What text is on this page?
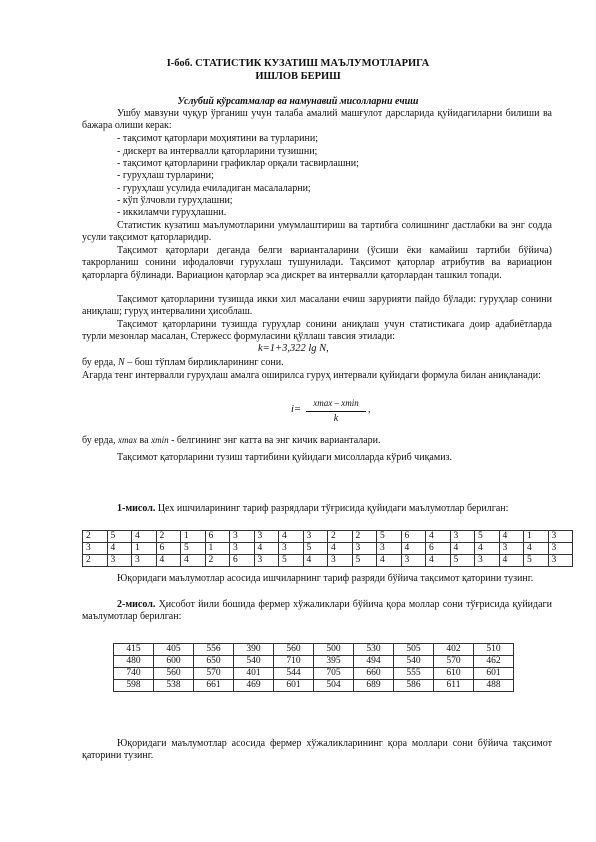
I-боб. СТАТИСТИК КУЗАТИШ МАЪЛУМОТЛАРИГА
ИШЛОВ БЕРИШ
Услубий кўрсатмалар ва намунавий мисолларни ечиш
Ушбу мавзуни чуқур ўрганиш учун талаба амалий машғулот дарсларида қуйидагиларни билиши ва бажара олиши керак:
- тақсимот қаторлари моҳиятини ва турларини;
- дискерт ва интервалли қаторларини тузишни;
- тақсимот қаторларини графиклар орқали тасвирлашни;
- гуруҳлаш турларини;
- гуруҳлаш усулида ечиладиган масалаларни;
- кўп ўлчовли гуруҳлашни;
- иккиламчи гуруҳлашни.
Статистик кузатиш маълумотларини умумлаштириш ва тартибга солишнинг дастлабки ва энг содда усули тақсимот қаторларидир.
Тақсимот қаторлари деганда белги варианталарини (ўсиши ёки камайиш тартиби бўйича) такрорланиш сонини ифодаловчи гурухлаш тушунилади. Тақсимот қаторлар атрибутив ва вариацион қаторларга бўлинади. Вариацион қаторлар эса дискрет ва интервалли қаторлардан ташкил топади.
Тақсимот қаторларини тузишда икки хил масалани ечиш зарурияти пайдо бўлади: гуруҳлар сонини аниқлаш; гуруҳ интервалини ҳисоблаш.
Тақсимот қаторларини тузишда гуруҳлар сонини аниқлаш учун статистикага доир адабиётларда турли мезонлар масалан, Стержесс формуласини қўллаш тавсия этилади:
k=1+3,322 lg N,
бу ерда, N – бош тўплам бирликларининг сони.
Агарда тенг интервалли гуруҳлаш амалга оширилса гуруҳ интервали қуйидаги формула билан аниқланади:
i=
xmax – xmin
k
,
бу ерда, xmax ва xmin - белгининг энг катта ва энг кичик варианталари.
Тақсимот қаторларини тузиш тартибини қуйидаги мисолларда кўриб чиқамиз.
1-мисол. Цех ишчиларининг тариф разрядлари тўғрисида қуйидаги маълумотлар берилган:
2	5	4	2	1	6	3	3	4	3	2	2	5	6	4	3	5	4	1	3
3	4	1	6	5	1	3	4	3	5	4	3	3	4	6	4	4	3	4	3
2	3	3	4	4	2	6	3	5	4	3	5	4	3	4	5	3	4	5	3
Юқоридаги маълумотлар асосида ишчиларнинг тариф разряди бўйича тақсимот қаторини тузинг.
2-мисол. Ҳисобот йили бошида фермер хўжаликлари бўйича қора моллар сони тўғрисида қуйидаги маълумотлар берилган:
415	405	556	390	560	500	530	505	402	510
480	600	650	540	710	395	494	540	570	462
740	560	570	401	544	705	660	555	610	601
598	538	661	469	601	504	689	586	611	488
Юқоридаги маълумотлар асосида фермер хўжаликларининг қора моллари сони бўйича тақсимот қаторини тузинг.
